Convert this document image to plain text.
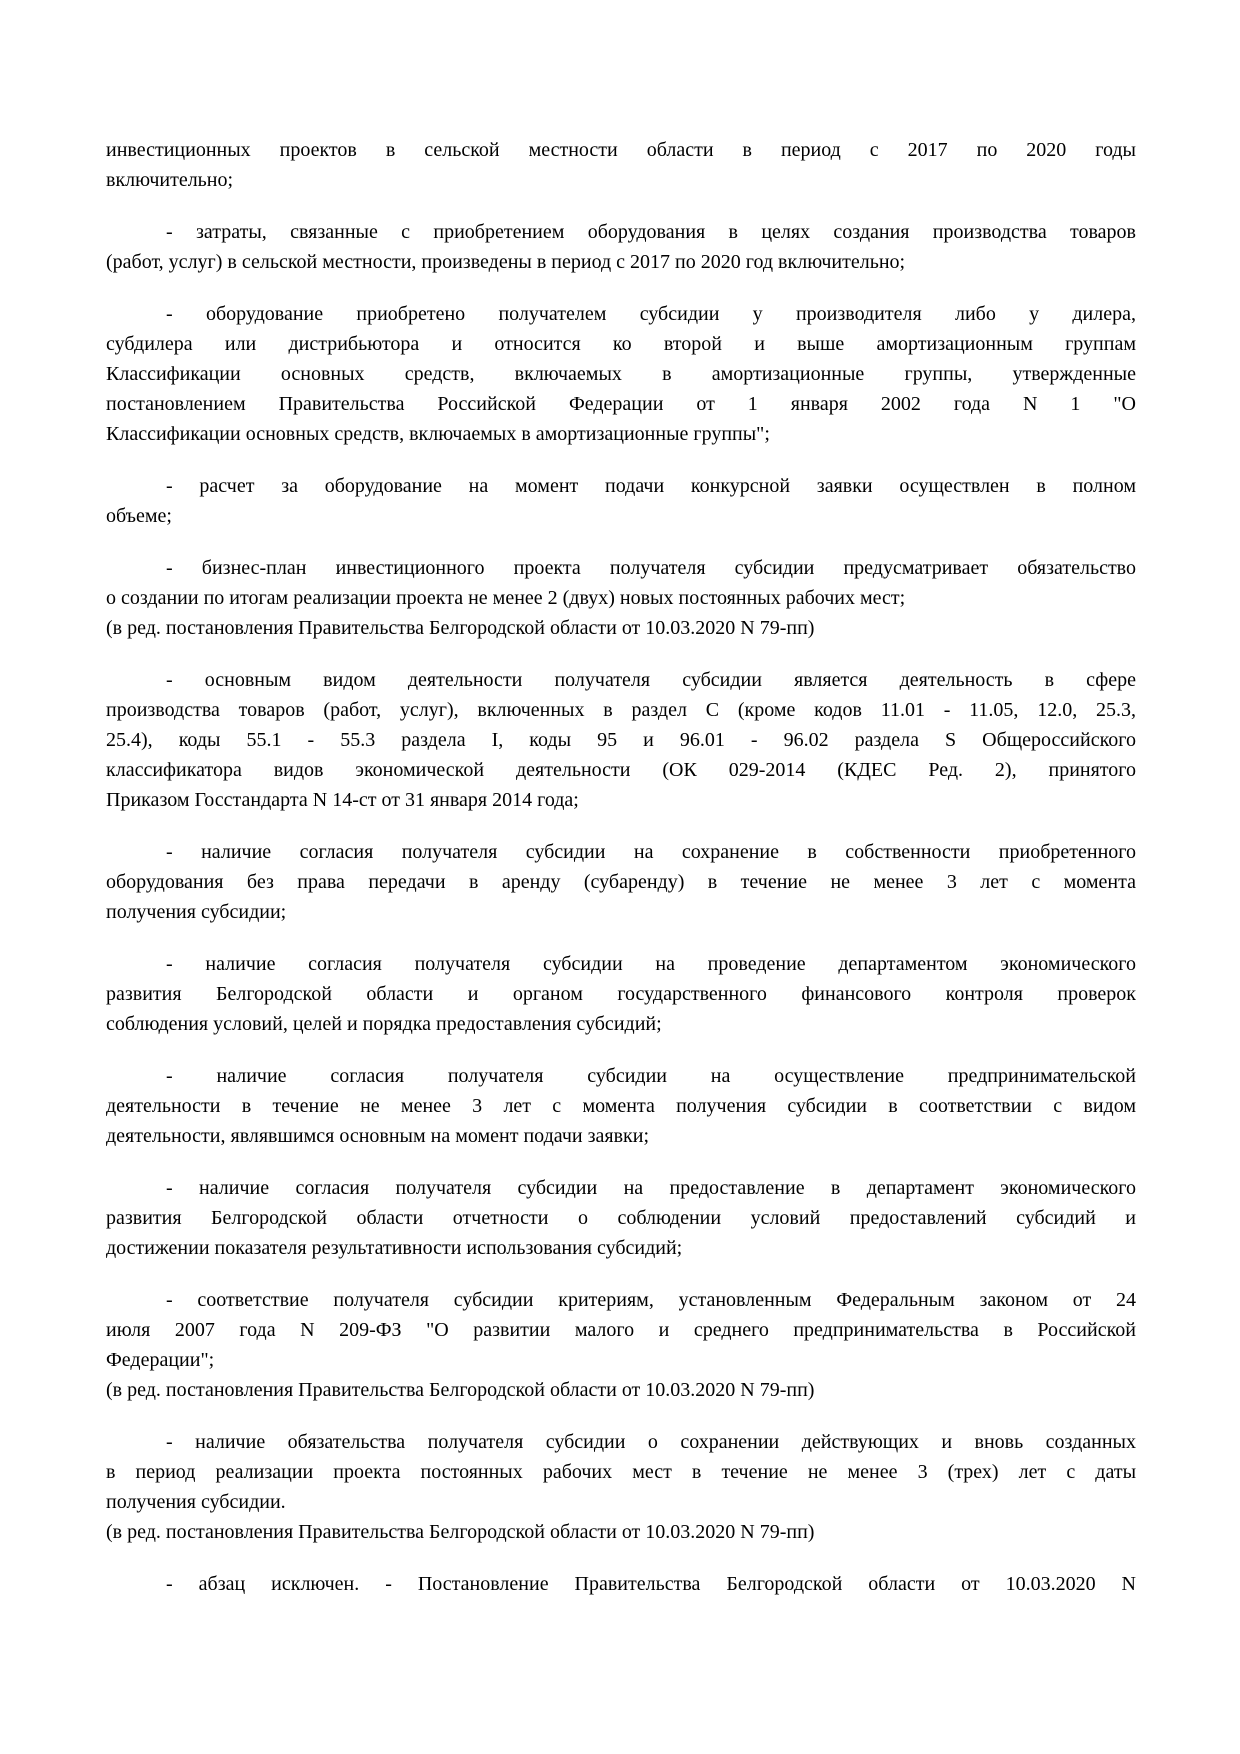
инвестиционных проектов в сельской местности области в период с 2017 по 2020 годы
включительно;
- затраты, связанные с приобретением оборудования в целях создания производства товаров
(работ, услуг) в сельской местности, произведены в период с 2017 по 2020 год включительно;
- оборудование приобретено получателем субсидии у производителя либо у дилера,
субдилера или дистрибьютора и относится ко второй и выше амортизационным группам
Классификации основных средств, включаемых в амортизационные группы, утвержденные
постановлением Правительства Российской Федерации от 1 января 2002 года N 1 "О
Классификации основных средств, включаемых в амортизационные группы";
- расчет за оборудование на момент подачи конкурсной заявки осуществлен в полном
объеме;
- бизнес-план инвестиционного проекта получателя субсидии предусматривает обязательство
о создании по итогам реализации проекта не менее 2 (двух) новых постоянных рабочих мест;
(в ред. постановления Правительства Белгородской области от 10.03.2020 N 79-пп)
- основным видом деятельности получателя субсидии является деятельность в сфере
производства товаров (работ, услуг), включенных в раздел C (кроме кодов 11.01 - 11.05, 12.0, 25.3,
25.4), коды 55.1 - 55.3 раздела I, коды 95 и 96.01 - 96.02 раздела S Общероссийского
классификатора видов экономической деятельности (ОК 029-2014 (КДЕС Ред. 2), принятого
Приказом Госстандарта N 14-ст от 31 января 2014 года;
- наличие согласия получателя субсидии на сохранение в собственности приобретенного
оборудования без права передачи в аренду (субаренду) в течение не менее 3 лет с момента
получения субсидии;
- наличие согласия получателя субсидии на проведение департаментом экономического
развития Белгородской области и органом государственного финансового контроля проверок
соблюдения условий, целей и порядка предоставления субсидий;
- наличие согласия получателя субсидии на осуществление предпринимательской
деятельности в течение не менее 3 лет с момента получения субсидии в соответствии с видом
деятельности, являвшимся основным на момент подачи заявки;
- наличие согласия получателя субсидии на предоставление в департамент экономического
развития Белгородской области отчетности о соблюдении условий предоставлений субсидий и
достижении показателя результативности использования субсидий;
- соответствие получателя субсидии критериям, установленным Федеральным законом от 24
июля 2007 года N 209-ФЗ "О развитии малого и среднего предпринимательства в Российской
Федерации";
(в ред. постановления Правительства Белгородской области от 10.03.2020 N 79-пп)
- наличие обязательства получателя субсидии о сохранении действующих и вновь созданных
в период реализации проекта постоянных рабочих мест в течение не менее 3 (трех) лет с даты
получения субсидии.
(в ред. постановления Правительства Белгородской области от 10.03.2020 N 79-пп)
- абзац исключен. - Постановление Правительства Белгородской области от 10.03.2020 N
